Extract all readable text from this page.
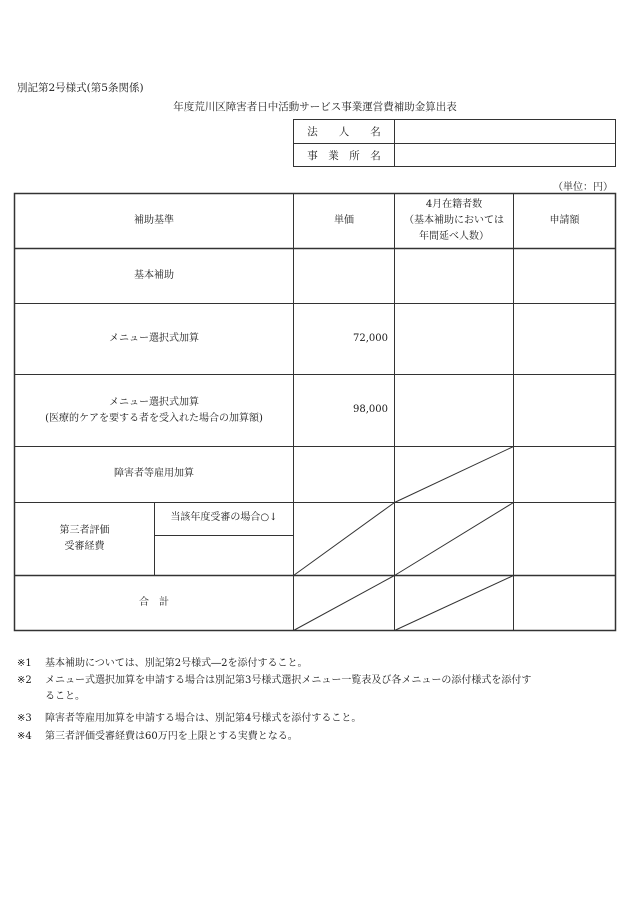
別記第2号様式(第5条関係)
年度荒川区障害者日中活動サービス事業運営費補助金算出表
法　　人　　名
事　業　所　名
（単位：円）
補助基準	単価
4月在籍者数
（基本補助においては
年間延べ人数）
申請額
基本補助
メニュー選択式加算	72,000
メニュー選択式加算
(医療的ケアを要する者を受入れた場合の加算額)
98,000
障害者等雇用加算
第三者評価
受審経費
当該年度受審の場合○↓
合　計
※1 基本補助については、別記第2号様式―2を添付すること。
※2 メニュー式選択加算を申請する場合は別記第3号様式選択メニュー一覧表及び各メニューの添付様式を添付す
ること。
※3 障害者等雇用加算を申請する場合は、別記第4号様式を添付すること。
※4 第三者評価受審経費は60万円を上限とする実費となる。
